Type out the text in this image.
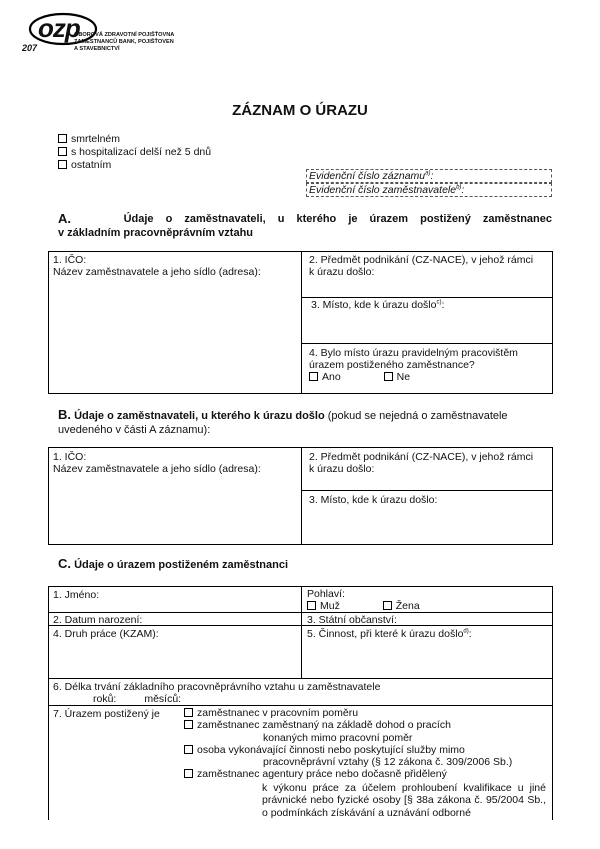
ozp
207
OBOROVÁ ZDRAVOTNÍ POJIŠŤOVNA
ZAMĚSTNANCŮ BANK, POJIŠŤOVEN
A STAVEBNICTVÍ
ZÁZNAM O ÚRAZU
smrtelném
s hospitalizací delší než 5 dnů
ostatním
Evidenční číslo záznamu$^{a)}$:
Evidenční číslo zaměstnavatele$^{b)}$:
A.	Údaje o zaměstnavateli, u kterého je úrazem postižený zaměstnanec
v základním pracovněprávním vztahu
1. IČO:
Název zaměstnavatele a jeho sídlo (adresa):
2. Předmět podnikání (CZ-NACE), v jehož rámci
k úrazu došlo:
3. Místo, kde k úrazu došlo$^{c)}$:
4. Bylo místo úrazu pravidelným pracovištěm
úrazem postiženého zaměstnance?
Ano	Ne
B. Údaje o zaměstnavateli, u kterého k úrazu došlo (pokud se nejedná o zaměstnavatele
uvedeného v části A záznamu):
1. IČO:
Název zaměstnavatele a jeho sídlo (adresa):
2. Předmět podnikání (CZ-NACE), v jehož rámci
k úrazu došlo:
3. Místo, kde k úrazu došlo:
C. Údaje o úrazem postiženém zaměstnanci
1. Jméno:	Pohlaví:
Muž	Žena
2. Datum narození:	3. Státní občanství:
4. Druh práce (KZAM):	5. Činnost, při které k úrazu došlo$^{d)}$:
6. Délka trvání základního pracovněprávního vztahu u zaměstnavatele
roků:	měsíců:
7. Úrazem postižený je	zaměstnanec v pracovním poměru
zaměstnanec zaměstnaný na základě dohod o pracích
konaných mimo pracovní poměr
osoba vykonávající činnosti nebo poskytující služby mimo
pracovněprávní vztahy (§ 12 zákona č. 309/2006 Sb.)
zaměstnanec agentury práce nebo dočasně přidělený
k výkonu práce za účelem prohloubení kvalifikace u jiné právnické nebo fyzické osoby [§ 38a zákona č. 95/2004 Sb., o podmínkách získávání a uznávání odborné
